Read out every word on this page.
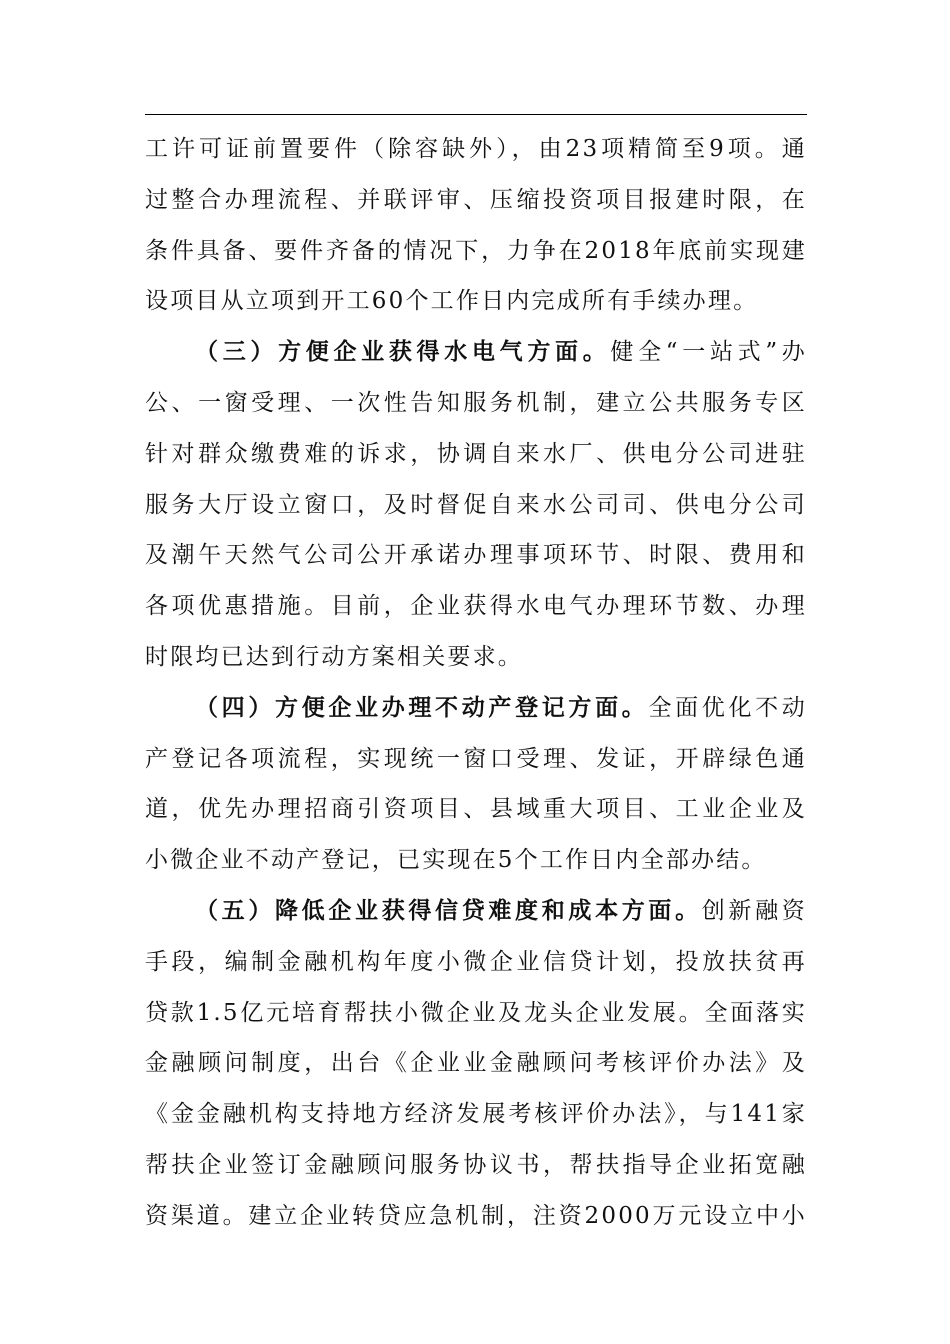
工许可证前置要件（除容缺外），由23项精简至9项。通
过整合办理流程、并联评审、压缩投资项目报建时限，在
条件具备、要件齐备的情况下，力争在2018年底前实现建
设项目从立项到开工60个工作日内完成所有手续办理。
（三）方便企业获得水电气方面。健全“一站式”办
公、一窗受理、一次性告知服务机制，建立公共服务专区
针对群众缴费难的诉求，协调自来水厂、供电分公司进驻
服务大厅设立窗口，及时督促自来水公司司、供电分公司
及潮午天然气公司公开承诺办理事项环节、时限、费用和
各项优惠措施。目前，企业获得水电气办理环节数、办理
时限均已达到行动方案相关要求。
（四）方便企业办理不动产登记方面。全面优化不动
产登记各项流程，实现统一窗口受理、发证，开辟绿色通
道，优先办理招商引资项目、县域重大项目、工业企业及
小微企业不动产登记，已实现在5个工作日内全部办结。
（五）降低企业获得信贷难度和成本方面。创新融资
手段，编制金融机构年度小微企业信贷计划，投放扶贫再
贷款1.5亿元培育帮扶小微企业及龙头企业发展。全面落实
金融顾问制度，出台《企业业金融顾问考核评价办法》及
《金金融机构支持地方经济发展考核评价办法》，与141家
帮扶企业签订金融顾问服务协议书，帮扶指导企业拓宽融
资渠道。建立企业转贷应急机制，注资2000万元设立中小
